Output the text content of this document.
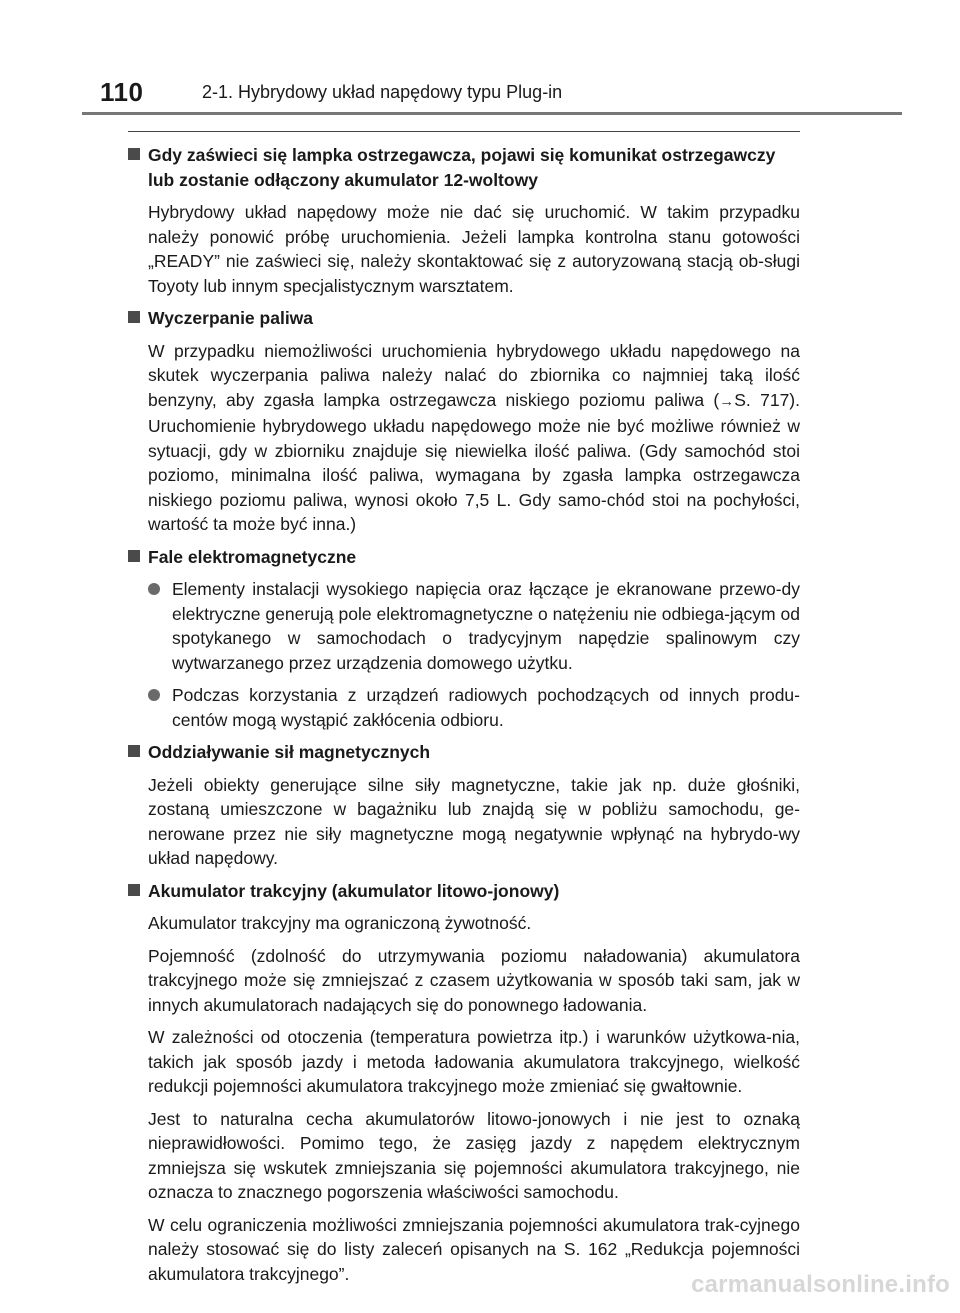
110	2-1. Hybrydowy układ napędowy typu Plug-in
Gdy zaświeci się lampka ostrzegawcza, pojawi się komunikat ostrzegawczy lub zostanie odłączony akumulator 12-woltowy
Hybrydowy układ napędowy może nie dać się uruchomić. W takim przypadku należy ponowić próbę uruchomienia. Jeżeli lampka kontrolna stanu gotowości „READY” nie zaświeci się, należy skontaktować się z autoryzowaną stacją ob-sługi Toyoty lub innym specjalistycznym warsztatem.
Wyczerpanie paliwa
W przypadku niemożliwości uruchomienia hybrydowego układu napędowego na skutek wyczerpania paliwa należy nalać do zbiornika co najmniej taką ilość benzyny, aby zgasła lampka ostrzegawcza niskiego poziomu paliwa (→S. 717). Uruchomienie hybrydowego układu napędowego może nie być możliwe również w sytuacji, gdy w zbiorniku znajduje się niewielka ilość paliwa. (Gdy samochód stoi poziomo, minimalna ilość paliwa, wymagana by zgasła lampka ostrzegawcza niskiego poziomu paliwa, wynosi około 7,5 L. Gdy samo-chód stoi na pochyłości, wartość ta może być inna.)
Fale elektromagnetyczne
Elementy instalacji wysokiego napięcia oraz łączące je ekranowane przewo-dy elektryczne generują pole elektromagnetyczne o natężeniu nie odbiega-jącym od spotykanego w samochodach o tradycyjnym napędzie spalinowym czy wytwarzanego przez urządzenia domowego użytku.
Podczas korzystania z urządzeń radiowych pochodzących od innych produ-centów mogą wystąpić zakłócenia odbioru.
Oddziaływanie sił magnetycznych
Jeżeli obiekty generujące silne siły magnetyczne, takie jak np. duże głośniki, zostaną umieszczone w bagażniku lub znajdą się w pobliżu samochodu, ge-nerowane przez nie siły magnetyczne mogą negatywnie wpłynąć na hybrydo-wy układ napędowy.
Akumulator trakcyjny (akumulator litowo-jonowy)
Akumulator trakcyjny ma ograniczoną żywotność.
Pojemność (zdolność do utrzymywania poziomu naładowania) akumulatora trakcyjnego może się zmniejszać z czasem użytkowania w sposób taki sam, jak w innych akumulatorach nadających się do ponownego ładowania.
W zależności od otoczenia (temperatura powietrza itp.) i warunków użytkowa-nia, takich jak sposób jazdy i metoda ładowania akumulatora trakcyjnego, wielkość redukcji pojemności akumulatora trakcyjnego może zmieniać się gwałtownie.
Jest to naturalna cecha akumulatorów litowo-jonowych i nie jest to oznaką nieprawidłowości. Pomimo tego, że zasięg jazdy z napędem elektrycznym zmniejsza się wskutek zmniejszania się pojemności akumulatora trakcyjnego, nie oznacza to znacznego pogorszenia właściwości samochodu.
W celu ograniczenia możliwości zmniejszania pojemności akumulatora trak-cyjnego należy stosować się do listy zaleceń opisanych na S. 162 „Redukcja pojemności akumulatora trakcyjnego”.	carmanualsonline.info
